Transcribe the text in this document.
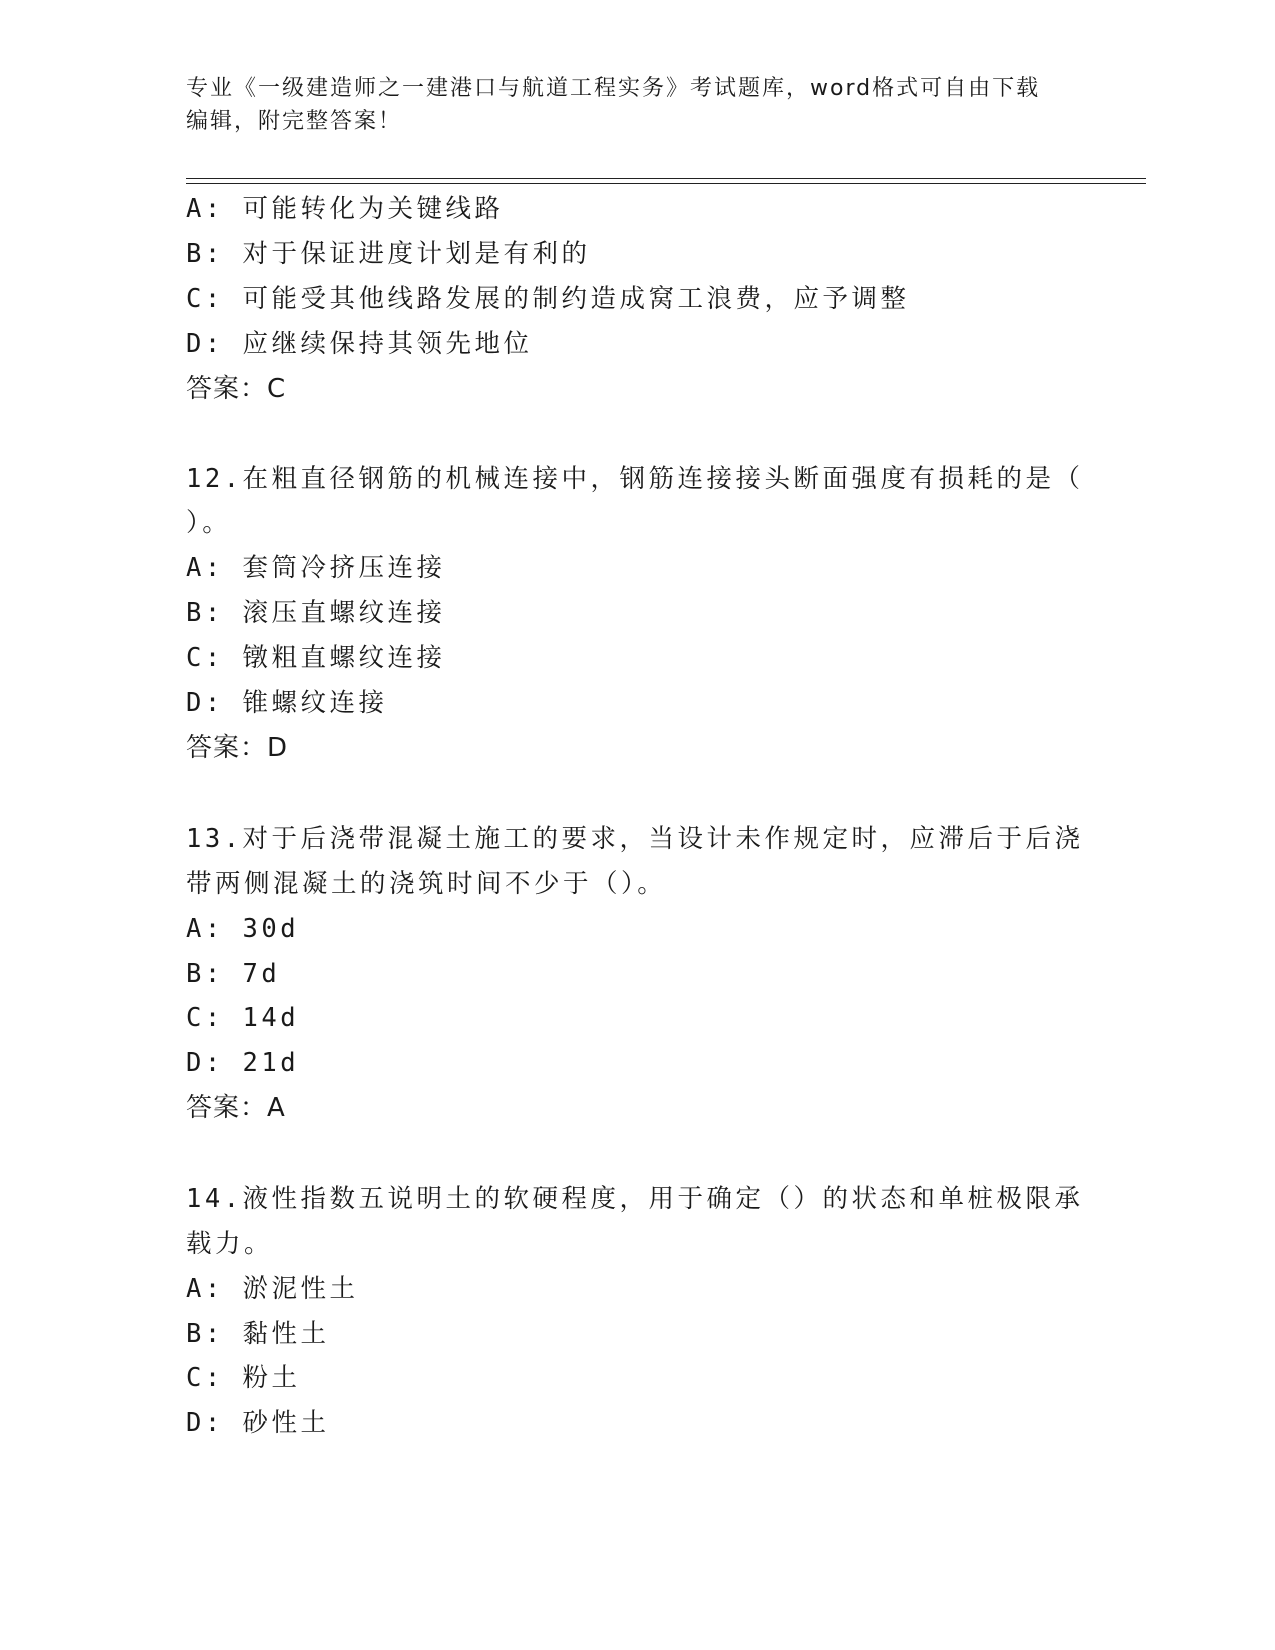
专业《一级建造师之一建港口与航道工程实务》考试题库，word格式可自由下载
编辑，附完整答案！
A: 可能转化为关键线路
B: 对于保证进度计划是有利的
C: 可能受其他线路发展的制约造成窝工浪费，应予调整
D: 应继续保持其领先地位
答案：C
12.在粗直径钢筋的机械连接中，钢筋连接接头断面强度有损耗的是（
）。
A: 套筒冷挤压连接
B: 滚压直螺纹连接
C: 镦粗直螺纹连接
D: 锥螺纹连接
答案：D
13.对于后浇带混凝土施工的要求，当设计未作规定时，应滞后于后浇
带两侧混凝土的浇筑时间不少于（）。
A: 30d
B: 7d
C: 14d
D: 21d
答案：A
14.液性指数五说明土的软硬程度，用于确定（）的状态和单桩极限承
载力。
A: 淤泥性土
B: 黏性土
C: 粉土
D: 砂性土
